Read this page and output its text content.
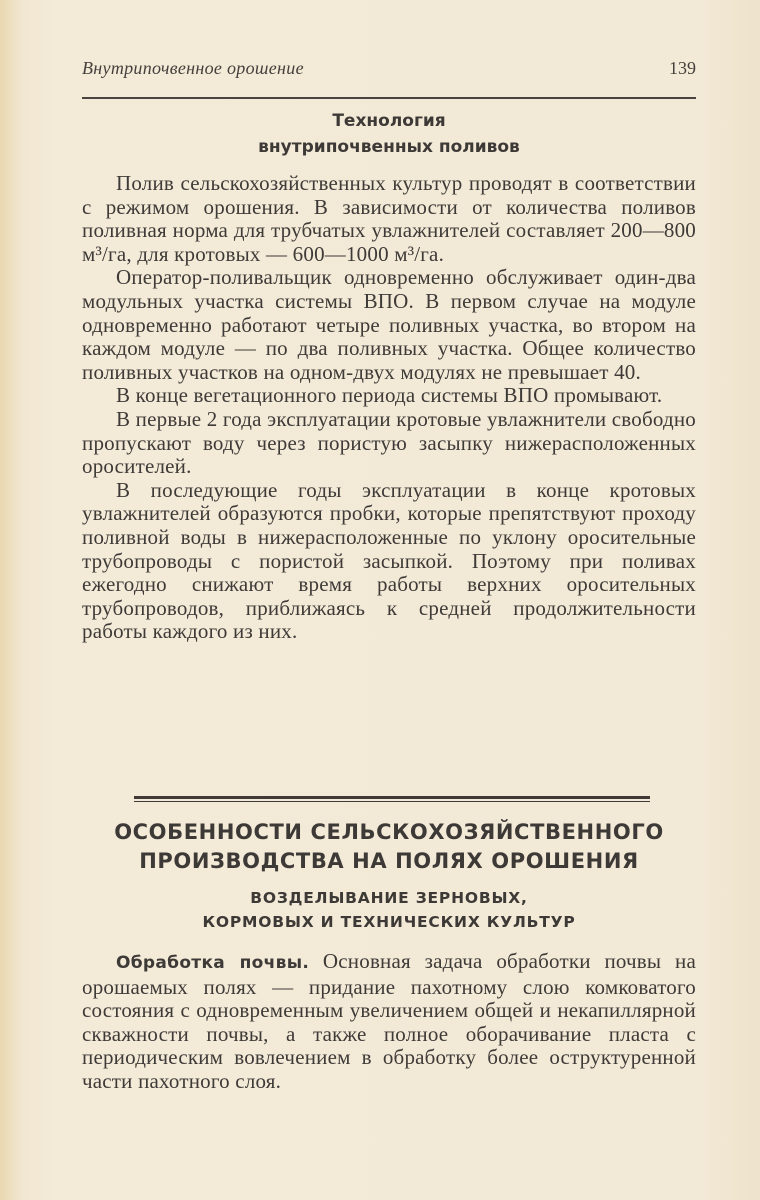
Внутрипочвенное орошение	139
Технология
внутрипочвенных поливов

Полив сельскохозяйственных культур проводят в соответствии с режимом орошения. В зависимости от количества поливов поливная норма для трубчатых увлажнителей составляет 200—800 м³/га, для кротовых — 600—1000 м³/га.

Оператор-поливальщик одновременно обслуживает один-два модульных участка системы ВПО. В первом случае на модуле одновременно работают четыре поливных участка, во втором на каждом модуле — по два поливных участка. Общее количество поливных участков на одном-двух модулях не превышает 40.

В конце вегетационного периода системы ВПО промывают.

В первые 2 года эксплуатации кротовые увлажнители свободно пропускают воду через пористую засыпку нижерасположенных оросителей.

В последующие годы эксплуатации в конце кротовых увлажнителей образуются пробки, которые препятствуют проходу поливной воды в нижерасположенные по уклону оросительные трубопроводы с пористой засыпкой. Поэтому при поливах ежегодно снижают время работы верхних оросительных трубопроводов, приближаясь к средней продолжительности работы каждого из них.

ОСОБЕННОСТИ СЕЛЬСКОХОЗЯЙСТВЕННОГО
ПРОИЗВОДСТВА НА ПОЛЯХ ОРОШЕНИЯ
ВОЗДЕЛЫВАНИЕ ЗЕРНОВЫХ,
КОРМОВЫХ И ТЕХНИЧЕСКИХ КУЛЬТУР

Обработка почвы. Основная задача обработки почвы на орошаемых полях — придание пахотному слою комковатого состояния с одновременным увеличением общей и некапиллярной скважности почвы, а также полное оборачивание пласта с периодическим вовлечением в обработку более оструктуренной части пахотного слоя.
